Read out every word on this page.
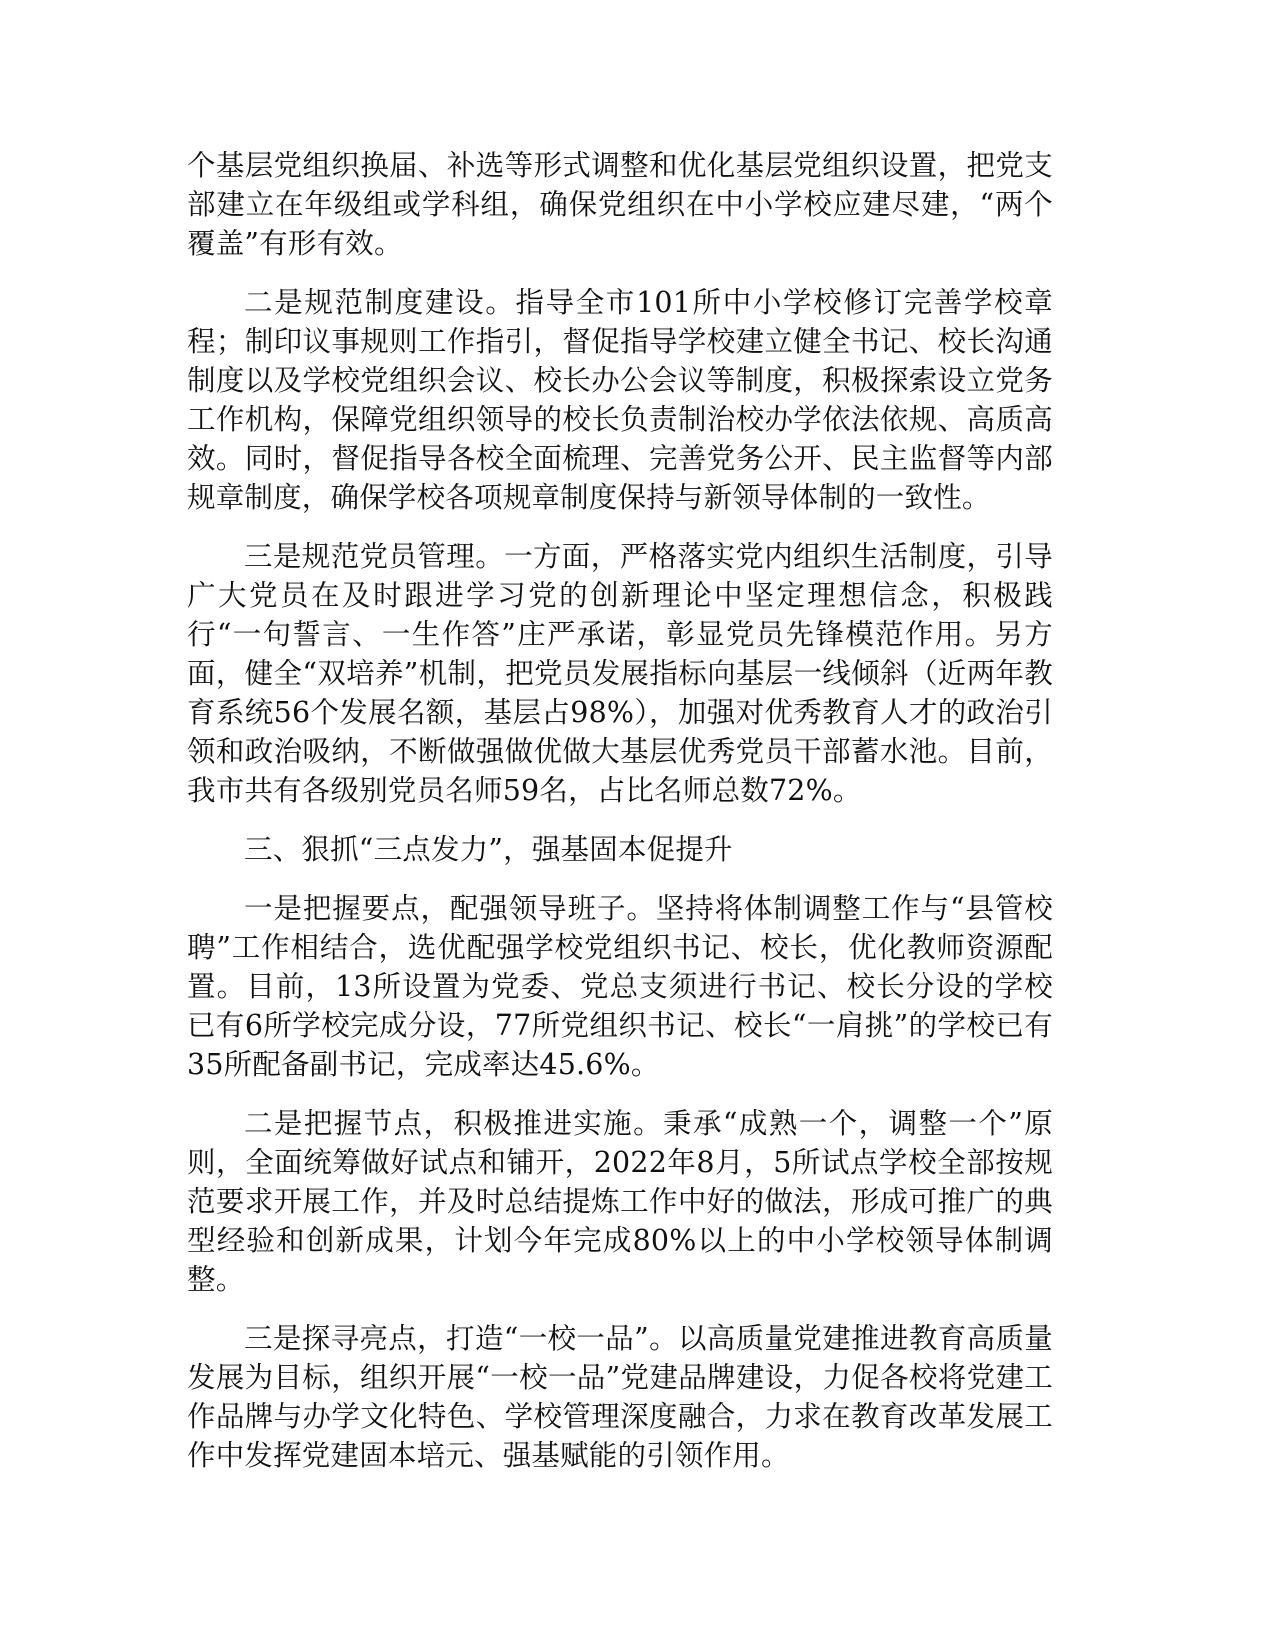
个基层党组织换届、补选等形式调整和优化基层党组织设置，把党支部建立在年级组或学科组，确保党组织在中小学校应建尽建，“两个覆盖”有形有效。

二是规范制度建设。指导全市101所中小学校修订完善学校章程；制印议事规则工作指引，督促指导学校建立健全书记、校长沟通制度以及学校党组织会议、校长办公会议等制度，积极探索设立党务工作机构，保障党组织领导的校长负责制治校办学依法依规、高质高效。同时，督促指导各校全面梳理、完善党务公开、民主监督等内部规章制度，确保学校各项规章制度保持与新领导体制的一致性。

三是规范党员管理。一方面，严格落实党内组织生活制度，引导广大党员在及时跟进学习党的创新理论中坚定理想信念，积极践行“一句誓言、一生作答”庄严承诺，彰显党员先锋模范作用。另方面，健全“双培养”机制，把党员发展指标向基层一线倾斜（近两年教育系统56个发展名额，基层占98%），加强对优秀教育人才的政治引领和政治吸纳，不断做强做优做大基层优秀党员干部蓄水池。目前，我市共有各级别党员名师59名，占比名师总数72%。

三、狠抓“三点发力”，强基固本促提升

一是把握要点，配强领导班子。坚持将体制调整工作与“县管校聘”工作相结合，选优配强学校党组织书记、校长，优化教师资源配置。目前，13所设置为党委、党总支须进行书记、校长分设的学校已有6所学校完成分设，77所党组织书记、校长“一肩挑”的学校已有35所配备副书记，完成率达45.6%。

二是把握节点，积极推进实施。秉承“成熟一个，调整一个”原则，全面统筹做好试点和铺开，2022年8月，5所试点学校全部按规范要求开展工作，并及时总结提炼工作中好的做法，形成可推广的典型经验和创新成果，计划今年完成80%以上的中小学校领导体制调整。

三是探寻亮点，打造“一校一品”。以高质量党建推进教育高质量发展为目标，组织开展“一校一品”党建品牌建设，力促各校将党建工作品牌与办学文化特色、学校管理深度融合，力求在教育改革发展工作中发挥党建固本培元、强基赋能的引领作用。
